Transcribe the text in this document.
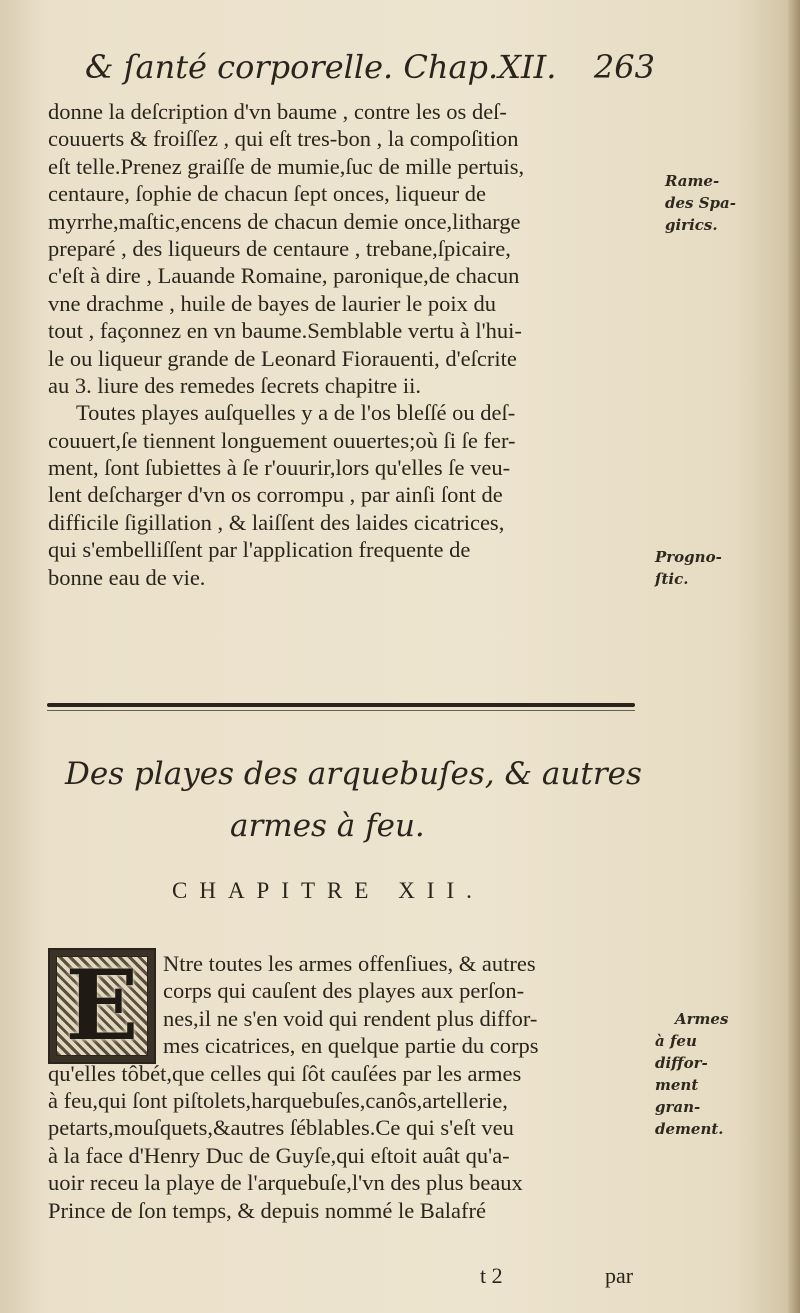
& ſanté corporelle. Chap.XII. 263
donne la deſcription d'vn baume , contre les os deſ-
couuerts & froiſſez , qui eſt tres-bon , la compoſition
eſt telle.Prenez graiſſe de mumie,ſuc de mille pertuis,
centaure, ſophie de chacun ſept onces, liqueur de
myrrhe,maſtic,encens de chacun demie once,litharge
preparé , des liqueurs de centaure , trebane,ſpicaire,
c'eſt à dire , Lauande Romaine, paronique,de chacun
vne drachme , huile de bayes de laurier le poix du
tout , façonnez en vn baume.Semblable vertu à l'hui-
le ou liqueur grande de Leonard Fiorauenti, d'eſcrite
au 3. liure des remedes ſecrets chapitre ii.
Toutes playes auſquelles y a de l'os bleſſé ou deſ-
couuert,ſe tiennent longuement ouuertes;où ſi ſe fer-
ment, ſont ſubiettes à ſe r'ouurir,lors qu'elles ſe veu-
lent deſcharger d'vn os corrompu , par ainſi ſont de
difficile ſigillation , & laiſſent des laides cicatrices,
qui s'embelliſſent par l'application frequente de
bonne eau de vie.
Rame-
des Spa-
girics.
Progno-
ſtic.
Des playes des arquebuſes, & autres
armes à feu.
CHAPITRE XII.
E	Ntre toutes les armes offenſiues, & autres
corps qui cauſent des playes aux perſon-
nes,il ne s'en void qui rendent plus diffor-
mes cicatrices, en quelque partie du corps
qu'elles tôbét,que celles qui ſôt cauſées par les armes
à feu,qui ſont piſtolets,harquebuſes,canôs,artellerie,
petarts,mouſquets,&autres ſéblables.Ce qui s'eſt veu
à la face d'Henry Duc de Guyſe,qui eſtoit auât qu'a-
uoir receu la playe de l'arquebuſe,l'vn des plus beaux
Prince de ſon temps, & depuis nommé le Balafré
Armes
à feu
diffor-
ment
gran-
dement.
t 2	par
